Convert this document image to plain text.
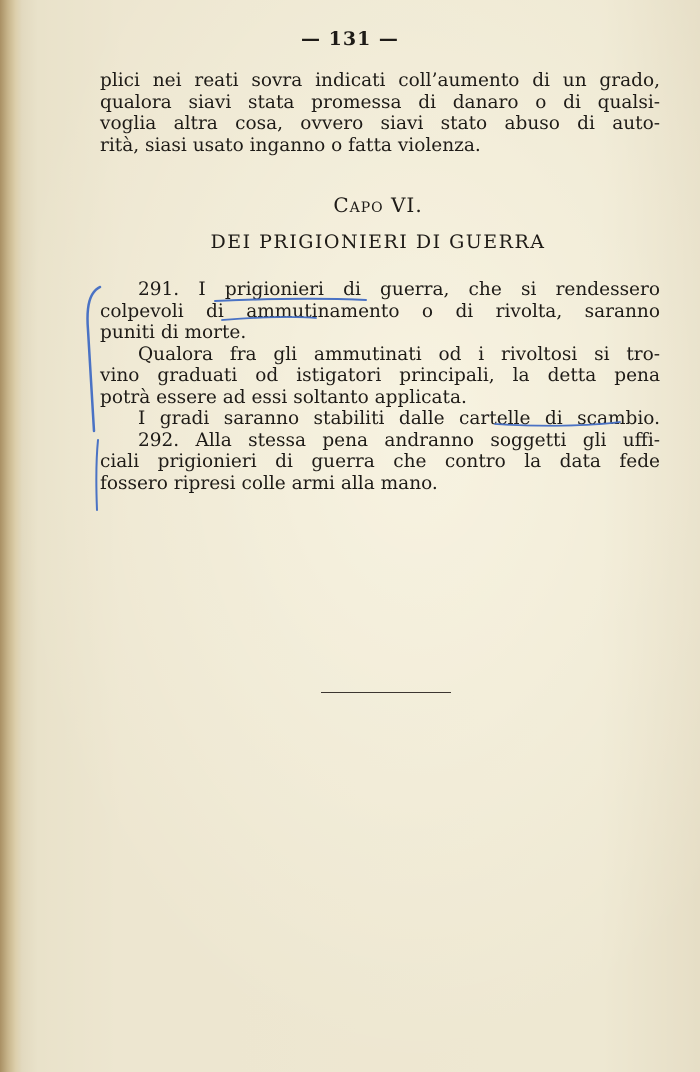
— 131 —
plici nei reati sovra indicati coll’aumento di un grado,
qualora siavi stata promessa di danaro o di qualsi-
voglia altra cosa, ovvero siavi stato abuso di auto-
rità, siasi usato inganno o fatta violenza.
Capo VI.
DEI PRIGIONIERI DI GUERRA
291. I prigionieri di guerra, che si rendessero
colpevoli di ammutinamento o di rivolta, saranno
puniti di morte.
Qualora fra gli ammutinati od i rivoltosi si tro-
vino graduati od istigatori principali, la detta pena
potrà essere ad essi soltanto applicata.
I gradi saranno stabiliti dalle cartelle di scambio.
292. Alla stessa pena andranno soggetti gli uffi-
ciali prigionieri di guerra che contro la data fede
fossero ripresi colle armi alla mano.
